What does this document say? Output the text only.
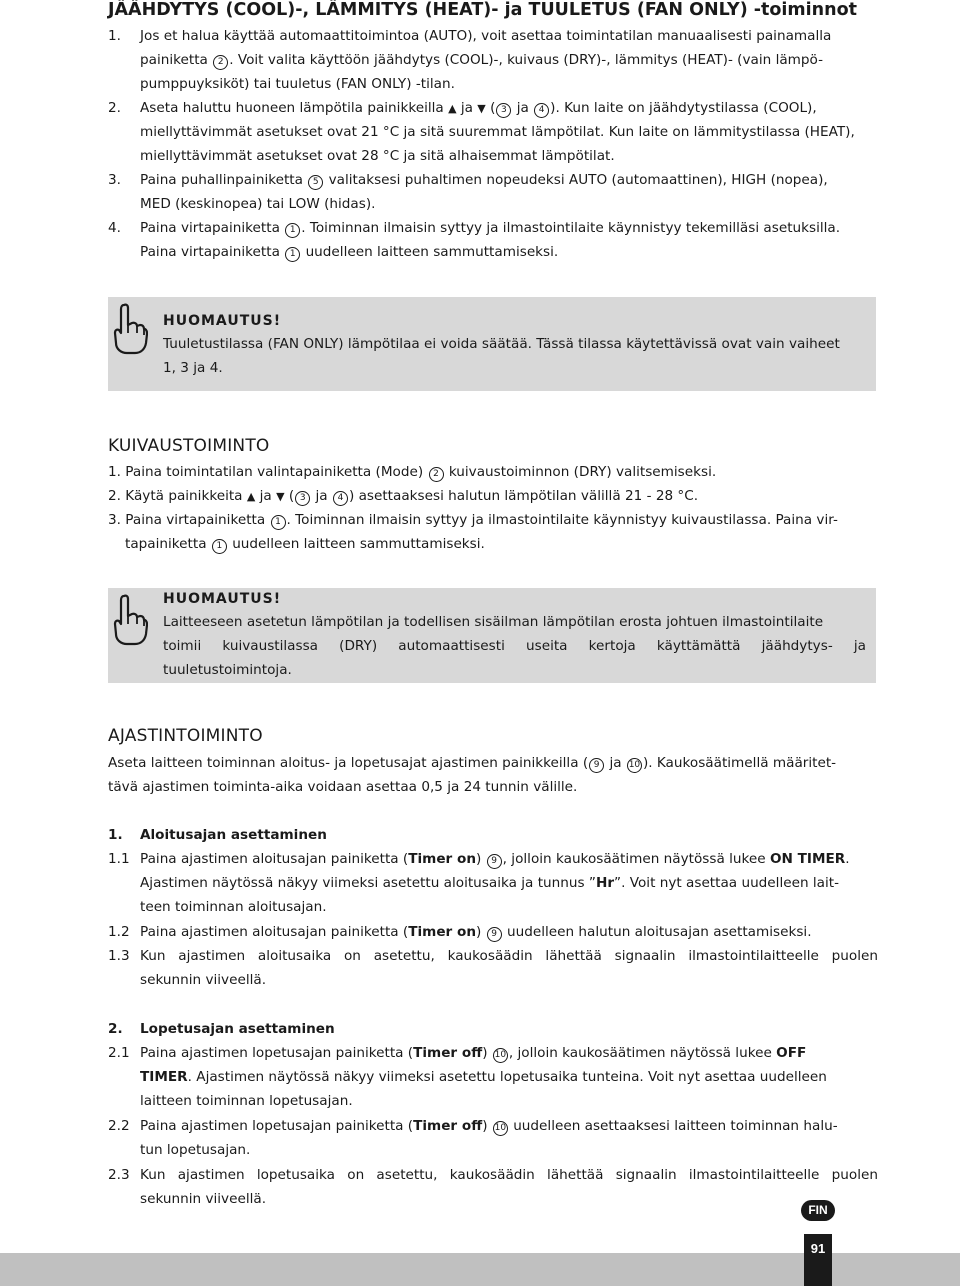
JÄÄHDYTYS (COOL)-, LÄMMITYS (HEAT)- ja TUULETUS (FAN ONLY) -toiminnot
1. Jos et halua käyttää automaattitoimintoa (AUTO), voit asettaa toimintatilan manuaalisesti painamalla
painiketta 2 . Voit valita käyttöön jäähdytys (COOL)-, kuivaus (DRY)-, lämmitys (HEAT)- (vain lämpö-
pumppuyksiköt) tai tuuletus (FAN ONLY) -tilan.
2. Aseta haluttu huoneen lämpötila painikkeilla ▲ ja ▼ ( 3 ja 4 ). Kun laite on jäähdytystilassa (COOL),
miellyttävimmät asetukset ovat 21 °C ja sitä suuremmat lämpötilat. Kun laite on lämmitystilassa (HEAT),
miellyttävimmät asetukset ovat 28 °C ja sitä alhaisemmat lämpötilat.
3. Paina puhallinpainiketta 5 valitaksesi puhaltimen nopeudeksi AUTO (automaattinen), HIGH (nopea),
MED (keskinopea) tai LOW (hidas).
4. Paina virtapainiketta 1 . Toiminnan ilmaisin syttyy ja ilmastointilaite käynnistyy tekemilläsi asetuksilla.
Paina virtapainiketta 1 uudelleen laitteen sammuttamiseksi.
HUOMAUTUS!
Tuuletustilassa (FAN ONLY) lämpötilaa ei voida säätää. Tässä tilassa käytettävissä ovat vain vaiheet
1, 3 ja 4.
KUIVAUSTOIMINTO
1. Paina toimintatilan valintapainiketta (Mode) 2 kuivaustoiminnon (DRY) valitsemiseksi.
2. Käytä painikkeita ▲ ja ▼ ( 3 ja 4 ) asettaaksesi halutun lämpötilan välillä 21 - 28 °C.
3. Paina virtapainiketta 1 . Toiminnan ilmaisin syttyy ja ilmastointilaite käynnistyy kuivaustilassa. Paina vir-
tapainiketta 1 uudelleen laitteen sammuttamiseksi.
HUOMAUTUS!
Laitteeseen asetetun lämpötilan ja todellisen sisäilman lämpötilan erosta johtuen ilmastointilaite
toimii kuivaustilassa (DRY) automaattisesti useita kertoja käyttämättä jäähdytys- ja
tuuletustoimintoja.
AJASTINTOIMINTO
Aseta laitteen toiminnan aloitus- ja lopetusajat ajastimen painikkeilla ( 9 ja 10 ). Kaukosäätimellä määritet-
tävä ajastimen toiminta-aika voidaan asettaa 0,5 ja 24 tunnin välille.
1. Aloitusajan asettaminen
1.1 Paina ajastimen aloitusajan painiketta (Timer on) 9 , jolloin kaukosäätimen näytössä lukee ON TIMER.
Ajastimen näytössä näkyy viimeksi asetettu aloitusaika ja tunnus ”Hr”. Voit nyt asettaa uudelleen lait-
teen toiminnan aloitusajan.
1.2 Paina ajastimen aloitusajan painiketta (Timer on) 9 uudelleen halutun aloitusajan asettamiseksi.
1.3 Kun ajastimen aloitusaika on asetettu, kaukosäädin lähettää signaalin ilmastointilaitteelle puolen
sekunnin viiveellä.
2. Lopetusajan asettaminen
2.1 Paina ajastimen lopetusajan painiketta (Timer off) 10 , jolloin kaukosäätimen näytössä lukee OFF
TIMER. Ajastimen näytössä näkyy viimeksi asetettu lopetusaika tunteina. Voit nyt asettaa uudelleen
laitteen toiminnan lopetusajan.
2.2 Paina ajastimen lopetusajan painiketta (Timer off) 10 uudelleen asettaaksesi laitteen toiminnan halu-
tun lopetusajan.
2.3 Kun ajastimen lopetusaika on asetettu, kaukosäädin lähettää signaalin ilmastointilaitteelle puolen
sekunnin viiveellä.
FIN
91
